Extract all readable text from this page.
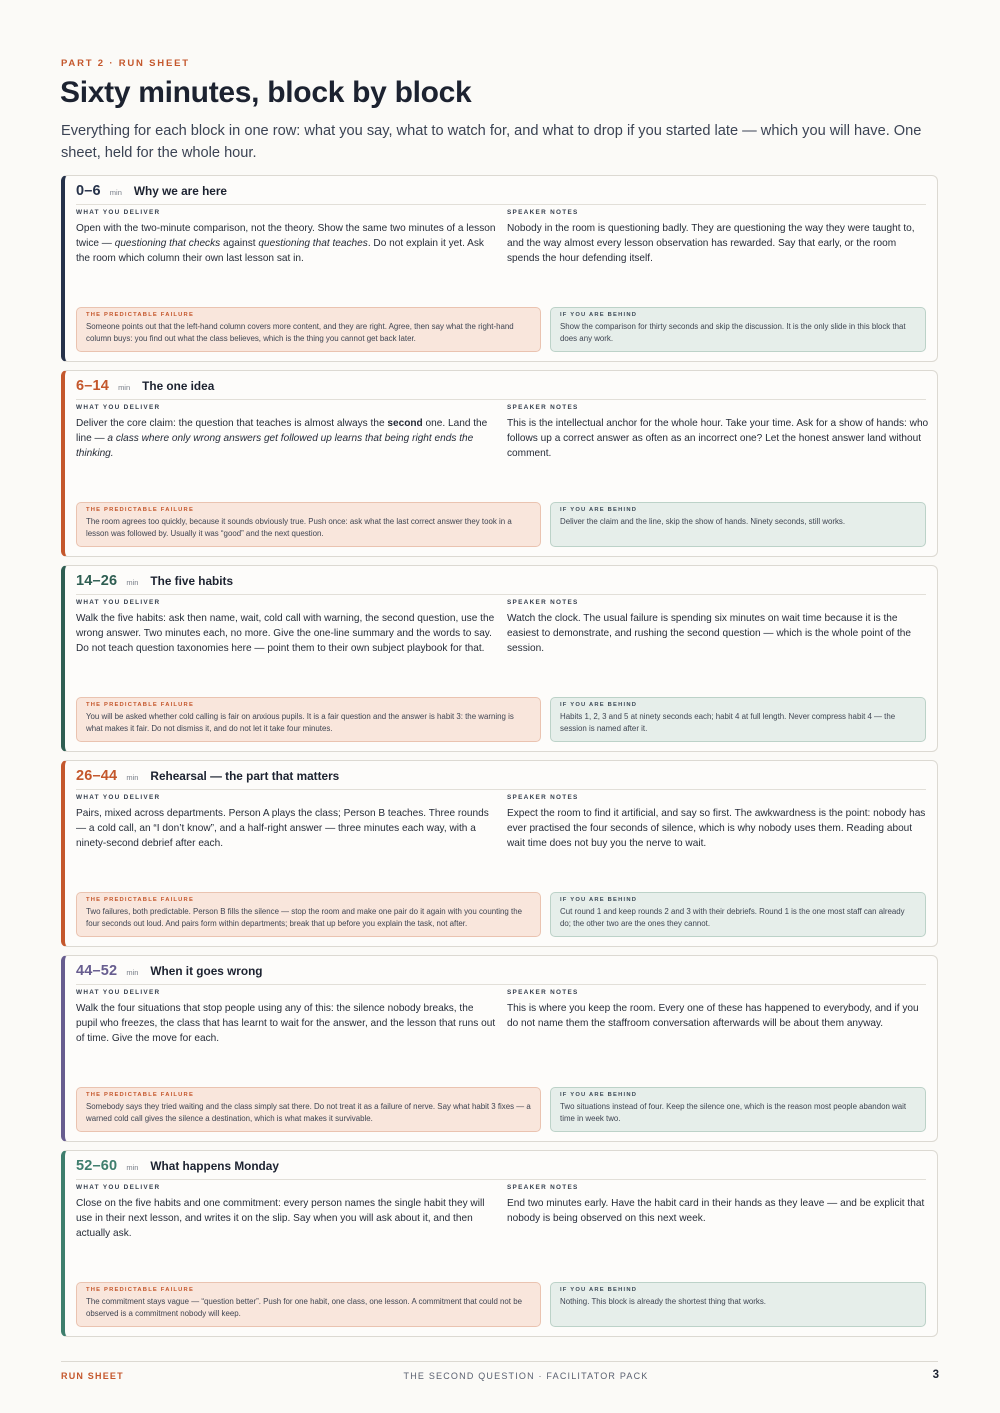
PART 2 · RUN SHEET
Sixty minutes, block by block

Everything for each block in one row: what you say, what to watch for, and what to drop if you started late — which you will have. One sheet, held for the whole hour.

0–6 min Why we are here
WHAT YOU DELIVER
Open with the two-minute comparison, not the theory. Show the same two minutes of a lesson twice — questioning that checks against questioning that teaches. Do not explain it yet. Ask the room which column their own last lesson sat in.
SPEAKER NOTES
Nobody in the room is questioning badly. They are questioning the way they were taught to, and the way almost every lesson observation has rewarded. Say that early, or the room spends the hour defending itself.
THE PREDICTABLE FAILURE
Someone points out that the left-hand column covers more content, and they are right. Agree, then say what the right-hand column buys: you find out what the class believes, which is the thing you cannot get back later.
IF YOU ARE BEHIND
Show the comparison for thirty seconds and skip the discussion. It is the only slide in this block that does any work.
6–14 min The one idea
WHAT YOU DELIVER
Deliver the core claim: the question that teaches is almost always the second one. Land the line — a class where only wrong answers get followed up learns that being right ends the thinking.
SPEAKER NOTES
This is the intellectual anchor for the whole hour. Take your time. Ask for a show of hands: who follows up a correct answer as often as an incorrect one? Let the honest answer land without comment.
THE PREDICTABLE FAILURE
The room agrees too quickly, because it sounds obviously true. Push once: ask what the last correct answer they took in a lesson was followed by. Usually it was “good” and the next question.
IF YOU ARE BEHIND
Deliver the claim and the line, skip the show of hands. Ninety seconds, still works.
14–26 min The five habits
WHAT YOU DELIVER
Walk the five habits: ask then name, wait, cold call with warning, the second question, use the wrong answer. Two minutes each, no more. Give the one-line summary and the words to say. Do not teach question taxonomies here — point them to their own subject playbook for that.
SPEAKER NOTES
Watch the clock. The usual failure is spending six minutes on wait time because it is the easiest to demonstrate, and rushing the second question — which is the whole point of the session.
THE PREDICTABLE FAILURE
You will be asked whether cold calling is fair on anxious pupils. It is a fair question and the answer is habit 3: the warning is what makes it fair. Do not dismiss it, and do not let it take four minutes.
IF YOU ARE BEHIND
Habits 1, 2, 3 and 5 at ninety seconds each; habit 4 at full length. Never compress habit 4 — the session is named after it.
26–44 min Rehearsal — the part that matters
WHAT YOU DELIVER
Pairs, mixed across departments. Person A plays the class; Person B teaches. Three rounds — a cold call, an “I don’t know”, and a half-right answer — three minutes each way, with a ninety-second debrief after each.
SPEAKER NOTES
Expect the room to find it artificial, and say so first. The awkwardness is the point: nobody has ever practised the four seconds of silence, which is why nobody uses them. Reading about wait time does not buy you the nerve to wait.
THE PREDICTABLE FAILURE
Two failures, both predictable. Person B fills the silence — stop the room and make one pair do it again with you counting the four seconds out loud. And pairs form within departments; break that up before you explain the task, not after.
IF YOU ARE BEHIND
Cut round 1 and keep rounds 2 and 3 with their debriefs. Round 1 is the one most staff can already do; the other two are the ones they cannot.
44–52 min When it goes wrong
WHAT YOU DELIVER
Walk the four situations that stop people using any of this: the silence nobody breaks, the pupil who freezes, the class that has learnt to wait for the answer, and the lesson that runs out of time. Give the move for each.
SPEAKER NOTES
This is where you keep the room. Every one of these has happened to everybody, and if you do not name them the staffroom conversation afterwards will be about them anyway.
THE PREDICTABLE FAILURE
Somebody says they tried waiting and the class simply sat there. Do not treat it as a failure of nerve. Say what habit 3 fixes — a warned cold call gives the silence a destination, which is what makes it survivable.
IF YOU ARE BEHIND
Two situations instead of four. Keep the silence one, which is the reason most people abandon wait time in week two.
52–60 min What happens Monday
WHAT YOU DELIVER
Close on the five habits and one commitment: every person names the single habit they will use in their next lesson, and writes it on the slip. Say when you will ask about it, and then actually ask.
SPEAKER NOTES
End two minutes early. Have the habit card in their hands as they leave — and be explicit that nobody is being observed on this next week.
THE PREDICTABLE FAILURE
The commitment stays vague — “question better”. Push for one habit, one class, one lesson. A commitment that could not be observed is a commitment nobody will keep.
IF YOU ARE BEHIND
Nothing. This block is already the shortest thing that works.
RUN SHEET	THE SECOND QUESTION · FACILITATOR PACK	3
